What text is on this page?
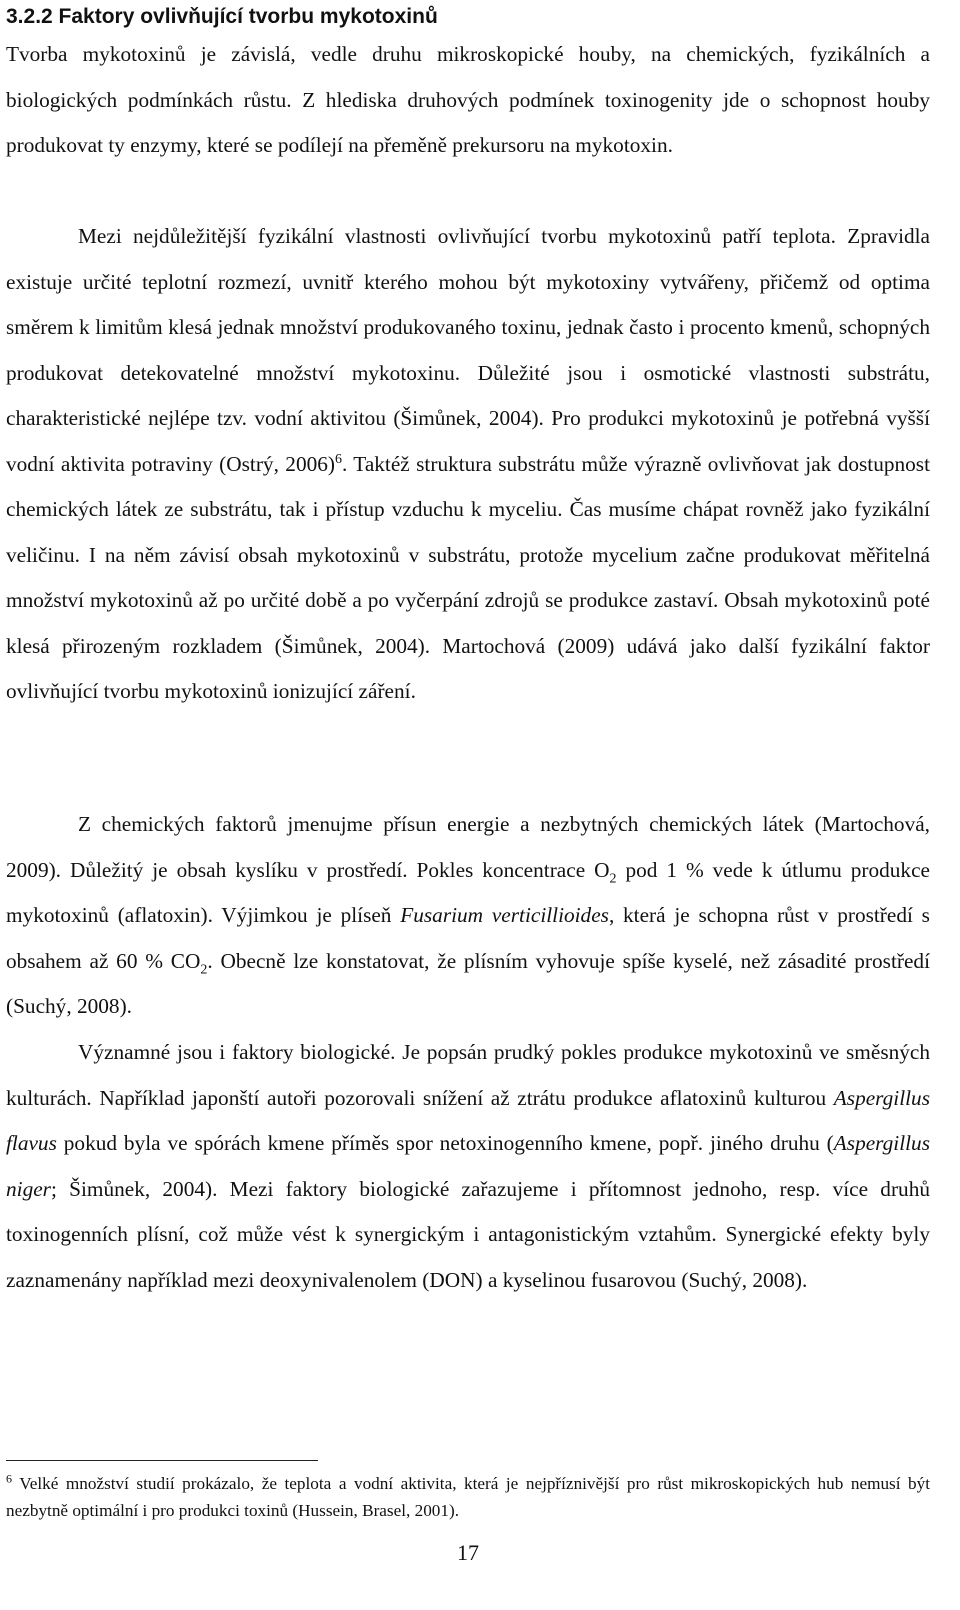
3.2.2 Faktory ovlivňující tvorbu mykotoxinů

Tvorba mykotoxinů je závislá, vedle druhu mikroskopické houby, na chemických, fyzikálních a biologických podmínkách růstu. Z hlediska druhových podmínek toxinogenity jde o schopnost houby produkovat ty enzymy, které se podílejí na přeměně prekursoru na mykotoxin.

Mezi nejdůležitější fyzikální vlastnosti ovlivňující tvorbu mykotoxinů patří teplota. Zpravidla existuje určité teplotní rozmezí, uvnitř kterého mohou být mykotoxiny vytvářeny, přičemž od optima směrem k limitům klesá jednak množství produkovaného toxinu, jednak často i procento kmenů, schopných produkovat detekovatelné množství mykotoxinu. Důležité jsou i osmotické vlastnosti substrátu, charakteristické nejlépe tzv. vodní aktivitou (Šimůnek, 2004). Pro produkci mykotoxinů je potřebná vyšší vodní aktivita potraviny (Ostrý, 2006)$^6$. Taktéž struktura substrátu může výrazně ovlivňovat jak dostupnost chemických látek ze substrátu, tak i přístup vzduchu k myceliu. Čas musíme chápat rovněž jako fyzikální veličinu. I na něm závisí obsah mykotoxinů v substrátu, protože mycelium začne produkovat měřitelná množství mykotoxinů až po určité době a po vyčerpání zdrojů se produkce zastaví. Obsah mykotoxinů poté klesá přirozeným rozkladem (Šimůnek, 2004). Martochová (2009) udává jako další fyzikální faktor ovlivňující tvorbu mykotoxinů ionizující záření.

Z chemických faktorů jmenujme přísun energie a nezbytných chemických látek (Martochová, 2009). Důležitý je obsah kyslíku v prostředí. Pokles koncentrace $O_2$ pod 1 % vede k útlumu produkce mykotoxinů (aflatoxin). Výjimkou je plíseň Fusarium verticillioides, která je schopna růst v prostředí s obsahem až 60 % $CO_2$. Obecně lze konstatovat, že plísním vyhovuje spíše kyselé, než zásadité prostředí (Suchý, 2008).

Významné jsou i faktory biologické. Je popsán prudký pokles produkce mykotoxinů ve směsných kulturách. Například japonští autoři pozorovali snížení až ztrátu produkce aflatoxinů kulturou Aspergillus flavus pokud byla ve spórách kmene příměs spor netoxinogenního kmene, popř. jiného druhu (Aspergillus niger; Šimůnek, 2004). Mezi faktory biologické zařazujeme i přítomnost jednoho, resp. více druhů toxinogenních plísní, což může vést k synergickým i antagonistickým vztahům. Synergické efekty byly zaznamenány například mezi deoxynivalenolem (DON) a kyselinou fusarovou (Suchý, 2008).

$^6$ Velké množství studií prokázalo, že teplota a vodní aktivita, která je nejpříznivější pro růst mikroskopických hub nemusí být nezbytně optimální i pro produkci toxinů (Hussein, Brasel, 2001).

17
